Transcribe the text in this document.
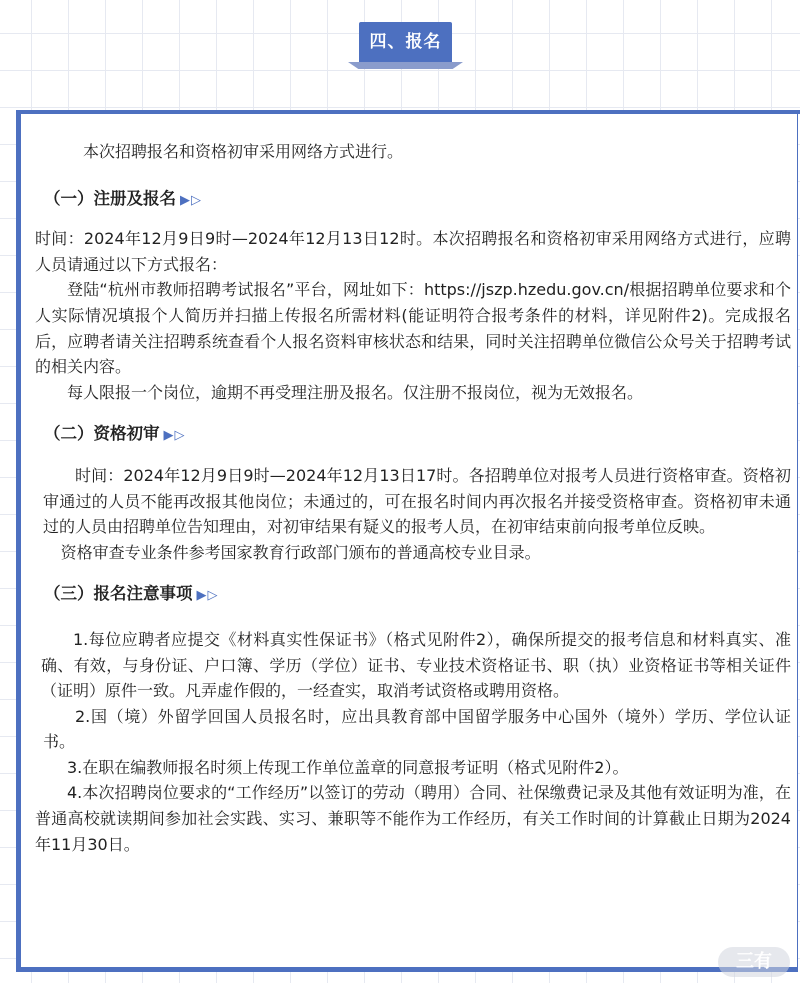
四、报名

本次招聘报名和资格初审采用网络方式进行。

（一）注册及报名 ▶▷

时间：2024年12月9日9时—2024年12月13日12时。本次招聘报名和资格初审采用网络方式进行，应聘人员请通过以下方式报名：

登陆“杭州市教师招聘考试报名”平台，网址如下：https://jszp.hzedu.gov.cn/根据招聘单位要求和个人实际情况填报个人简历并扫描上传报名所需材料(能证明符合报考条件的材料，详见附件2)。完成报名后，应聘者请关注招聘系统查看个人报名资料审核状态和结果，同时关注招聘单位微信公众号关于招聘考试的相关内容。

每人限报一个岗位，逾期不再受理注册及报名。仅注册不报岗位，视为无效报名。

（二）资格初审 ▶▷

时间：2024年12月9日9时—2024年12月13日17时。各招聘单位对报考人员进行资格审查。资格初审通过的人员不能再改报其他岗位；未通过的，可在报名时间内再次报名并接受资格审查。资格初审未通过的人员由招聘单位告知理由，对初审结果有疑义的报考人员，在初审结束前向报考单位反映。

资格审查专业条件参考国家教育行政部门颁布的普通高校专业目录。

（三）报名注意事项 ▶▷

1.每位应聘者应提交《材料真实性保证书》（格式见附件2），确保所提交的报考信息和材料真实、准确、有效，与身份证、户口簿、学历（学位）证书、专业技术资格证书、职（执）业资格证书等相关证件（证明）原件一致。凡弄虚作假的，一经查实，取消考试资格或聘用资格。

2.国（境）外留学回国人员报名时，应出具教育部中国留学服务中心国外（境外）学历、学位认证书。

3.在职在编教师报名时须上传现工作单位盖章的同意报考证明（格式见附件2）。

4.本次招聘岗位要求的“工作经历”以签订的劳动（聘用）合同、社保缴费记录及其他有效证明为准，在普通高校就读期间参加社会实践、实习、兼职等不能作为工作经历，有关工作时间的计算截止日期为2024年11月30日。

三有
